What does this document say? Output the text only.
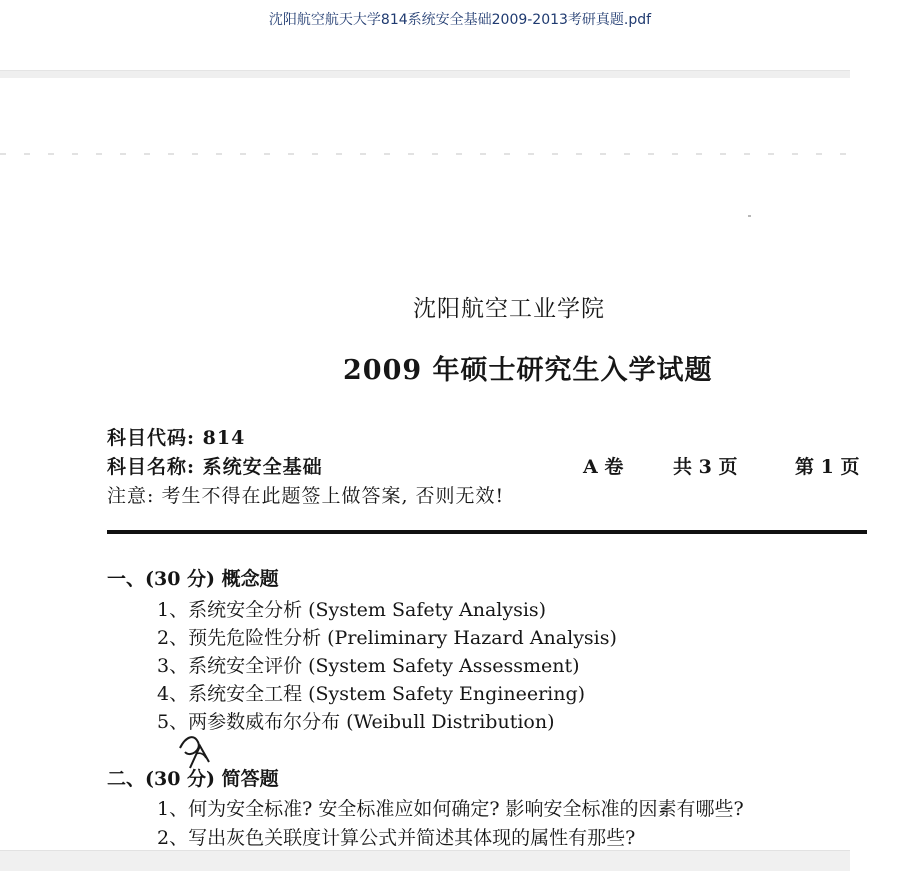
沈阳航空航天大学814系统安全基础2009-2013考研真题.pdf
沈阳航空工业学院
2009 年硕士研究生入学试题
科目代码: 814
科目名称: 系统安全基础	A 卷	共 3 页	第 1 页
注意: 考生不得在此题签上做答案, 否则无效!
一、(30 分) 概念题
1、系统安全分析 (System Safety Analysis)
2、预先危险性分析 (Preliminary Hazard Analysis)
3、系统安全评价 (System Safety Assessment)
4、系统安全工程 (System Safety Engineering)
5、两参数威布尔分布 (Weibull Distribution)
二、(30 分) 简答题
1、何为安全标准? 安全标准应如何确定? 影响安全标准的因素有哪些?
2、写出灰色关联度计算公式并简述其体现的属性有那些?
